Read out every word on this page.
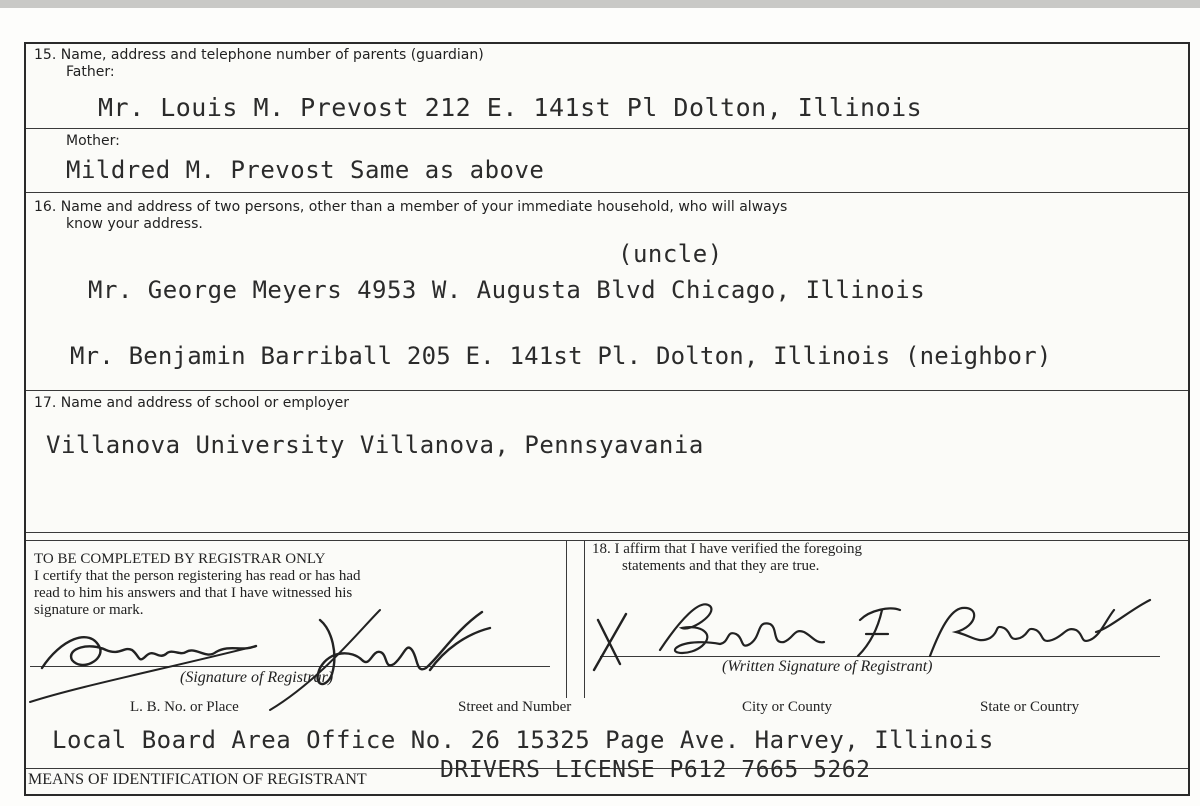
15. Name, address and telephone number of parents (guardian)
Father:
Mr. Louis M. Prevost 212 E. 141st Pl Dolton, Illinois
Mother:
Mildred M. Prevost Same as above
16. Name and address of two persons, other than a member of your immediate household, who will always
know your address.
(uncle)
Mr. George Meyers 4953 W. Augusta Blvd Chicago, Illinois
Mr. Benjamin Barriball 205 E. 141st Pl. Dolton, Illinois (neighbor)
17. Name and address of school or employer
Villanova University Villanova, Pennsyavania
TO BE COMPLETED BY REGISTRAR ONLY
I certify that the person registering has read or has had
read to him his answers and that I have witnessed his
signature or mark.
(Signature of Registrar)
18. I affirm that I have verified the foregoing
statements and that they are true.
(Written Signature of Registrant)
L. B. No. or Place	Street and Number	City or County	State or Country
Local Board Area Office No. 26 15325 Page Ave. Harvey, Illinois
MEANS OF IDENTIFICATION OF REGISTRANT	DRIVERS LICENSE P612 7665 5262
